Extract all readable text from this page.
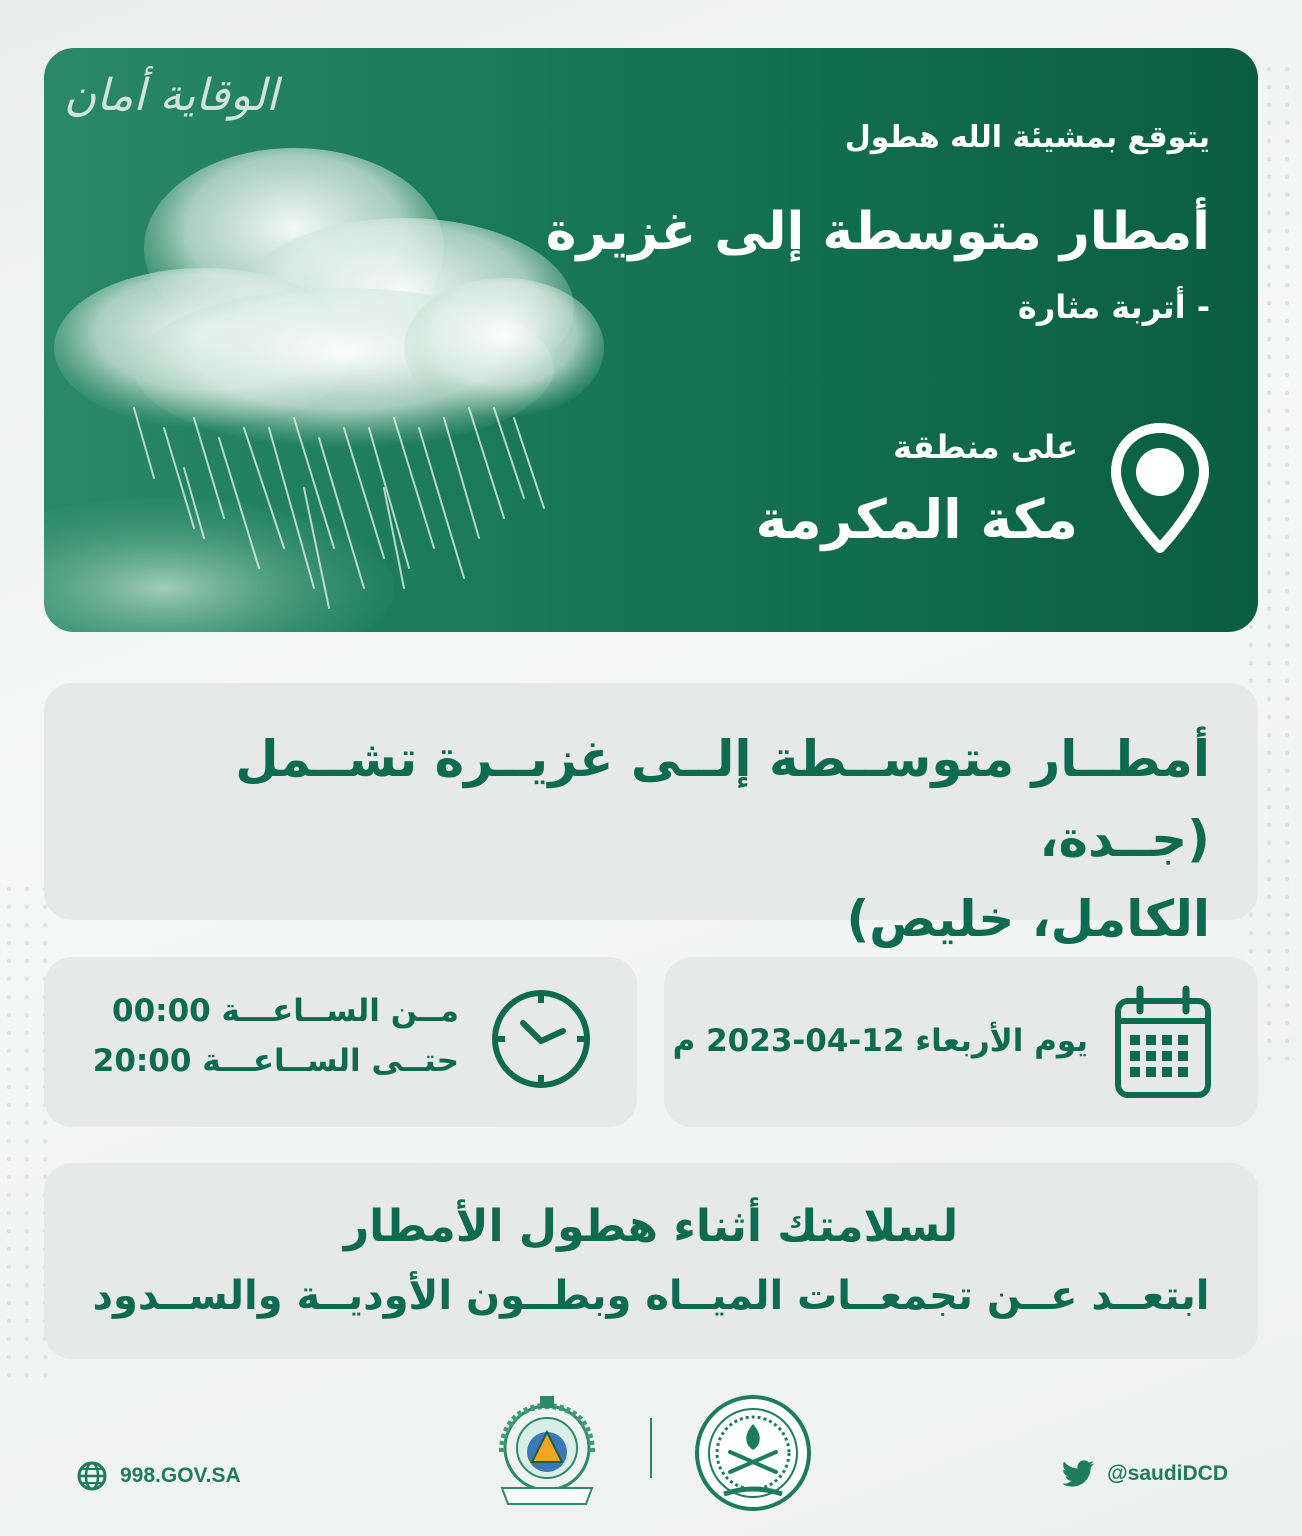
الوقاية أمان
يتوقع بمشيئة الله هطول
أمطار متوسطة إلى غزيرة
- أتربة مثارة
على منطقة
مكة المكرمة
أمطــار متوســطة إلــى غزيــرة تشــمل (جــدة،
الكامل، خليص)
مــن الســاعـــة 00:00
حتــى الســاعـــة 20:00
يوم الأربعاء 12-04-2023 م
لسلامتك أثناء هطول الأمطار
ابتعــد عــن تجمعــات الميــاه وبطــون الأوديــة والســدود
998.GOV.SA	@saudiDCD
